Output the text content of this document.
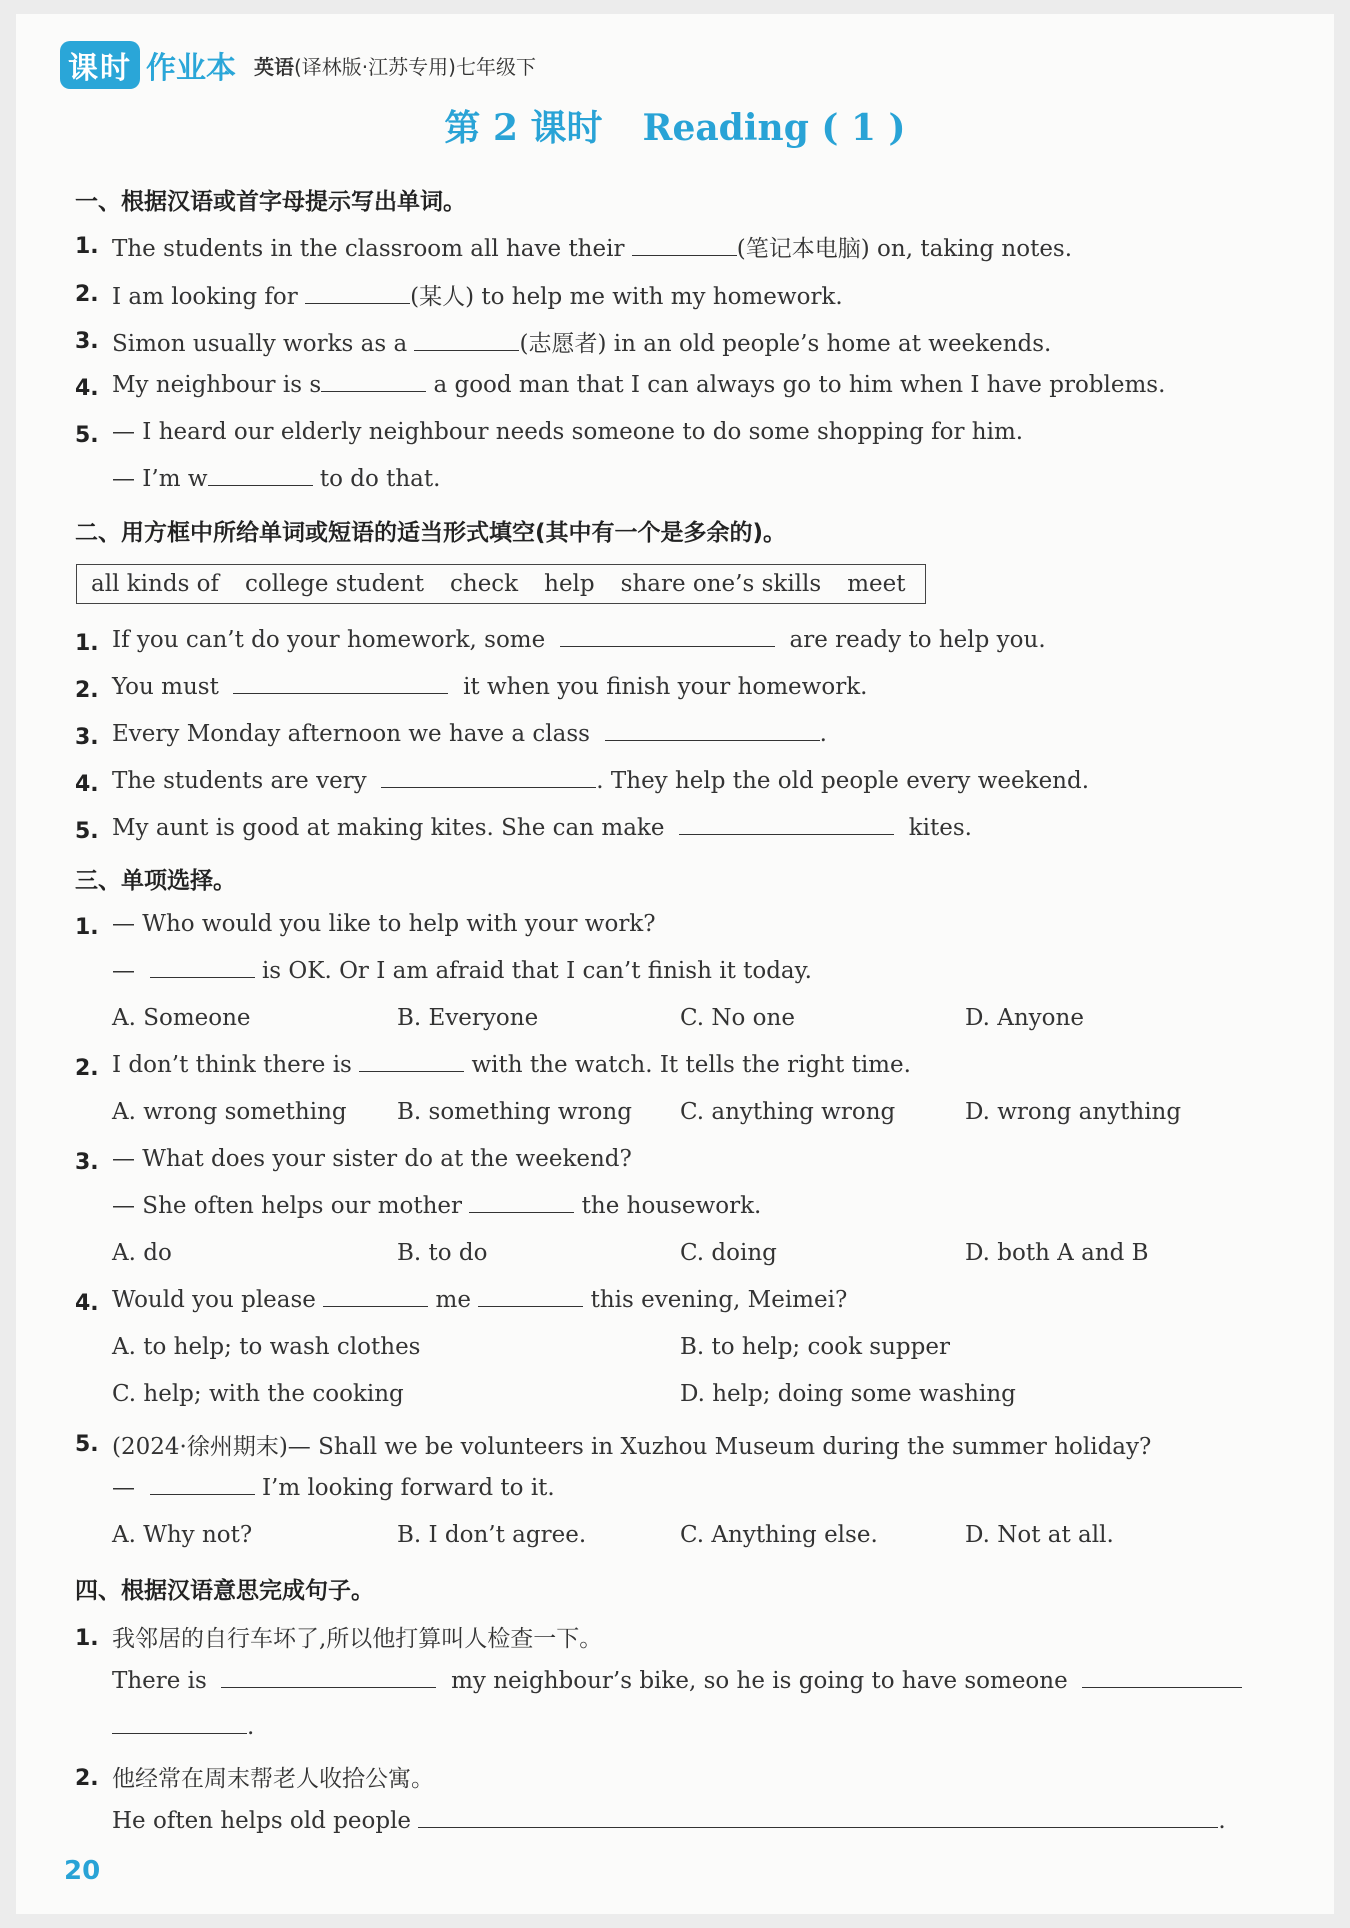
课时 作业本 英语(译林版·江苏专用)七年级下
第 2 课时 Reading ( 1 )
一、根据汉语或首字母提示写出单词。
1. The students in the classroom all have their	(笔记本电脑) on, taking notes.
2. I am looking for	(某人) to help me with my homework.
3. Simon usually works as a	(志愿者) in an old people’s home at weekends.
4. My neighbour is s	a good man that I can always go to him when I have problems.
5. — I heard our elderly neighbour needs someone to do some shopping for him.
— I’m w	to do that.
二、用方框中所给单词或短语的适当形式填空(其中有一个是多余的)。
all kinds of college student check help share one’s skills meet
1. If you can’t do your homework, some	are ready to help you.
2. You must	it when you finish your homework.
3. Every Monday afternoon we have a class	.
4. The students are very	. They help the old people every weekend.
5. My aunt is good at making kites. She can make	kites.
三、单项选择。
1. — Who would you like to help with your work?
—	is OK. Or I am afraid that I can’t finish it today.
A. Someone	B. Everyone	C. No one	D. Anyone
2. I don’t think there is	with the watch. It tells the right time.
A. wrong something B. something wrong C. anything wrong	D. wrong anything
3. — What does your sister do at the weekend?
— She often helps our mother	the housework.
A. do	B. to do	C. doing	D. both A and B
4. Would you please	me	this evening, Meimei?
A. to help; to wash clothes	B. to help; cook supper
C. help; with the cooking	D. help; doing some washing
5. (2024·徐州期末)— Shall we be volunteers in Xuzhou Museum during the summer holiday?
—	I’m looking forward to it.
A. Why not?	B. I don’t agree.	C. Anything else.	D. Not at all.
四、根据汉语意思完成句子。
1. 我邻居的自行车坏了,所以他打算叫人检查一下。
There is	my neighbour’s bike, so he is going to have someone
.
2. 他经常在周末帮老人收拾公寓。
He often helps old people	.
20
